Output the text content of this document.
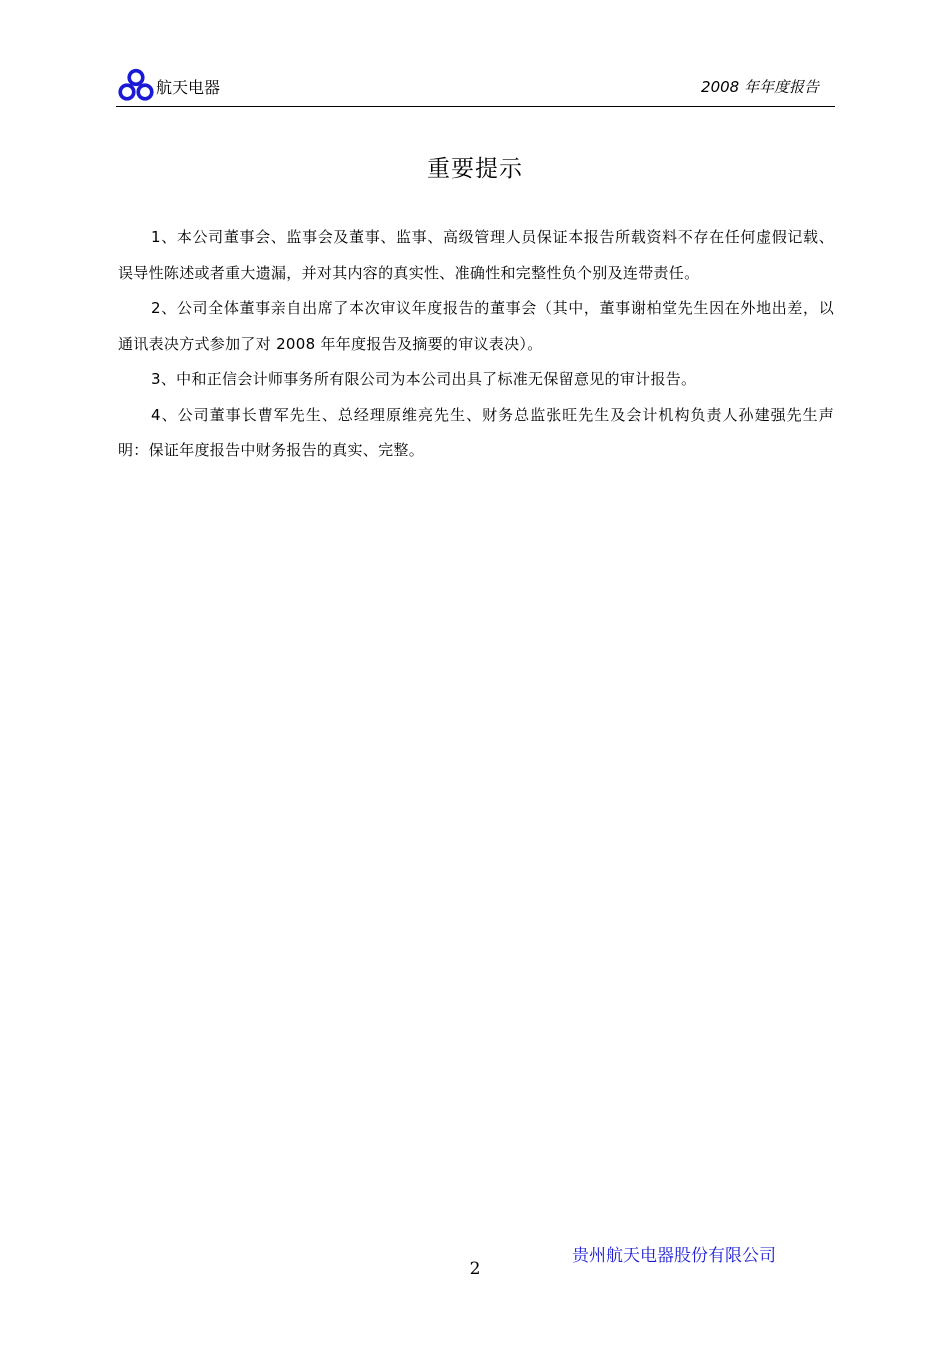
航天电器	2008 年年度报告
重要提示

1、本公司董事会、监事会及董事、监事、高级管理人员保证本报告所载资料不存在任何虚假记载、误导性陈述或者重大遗漏，并对其内容的真实性、准确性和完整性负个别及连带责任。

2、公司全体董事亲自出席了本次审议年度报告的董事会（其中，董事谢柏堂先生因在外地出差，以通讯表决方式参加了对 2008 年年度报告及摘要的审议表决）。

3、中和正信会计师事务所有限公司为本公司出具了标准无保留意见的审计报告。

4、公司董事长曹军先生、总经理原维亮先生、财务总监张旺先生及会计机构负责人孙建强先生声明：保证年度报告中财务报告的真实、完整。

贵州航天电器股份有限公司
2
